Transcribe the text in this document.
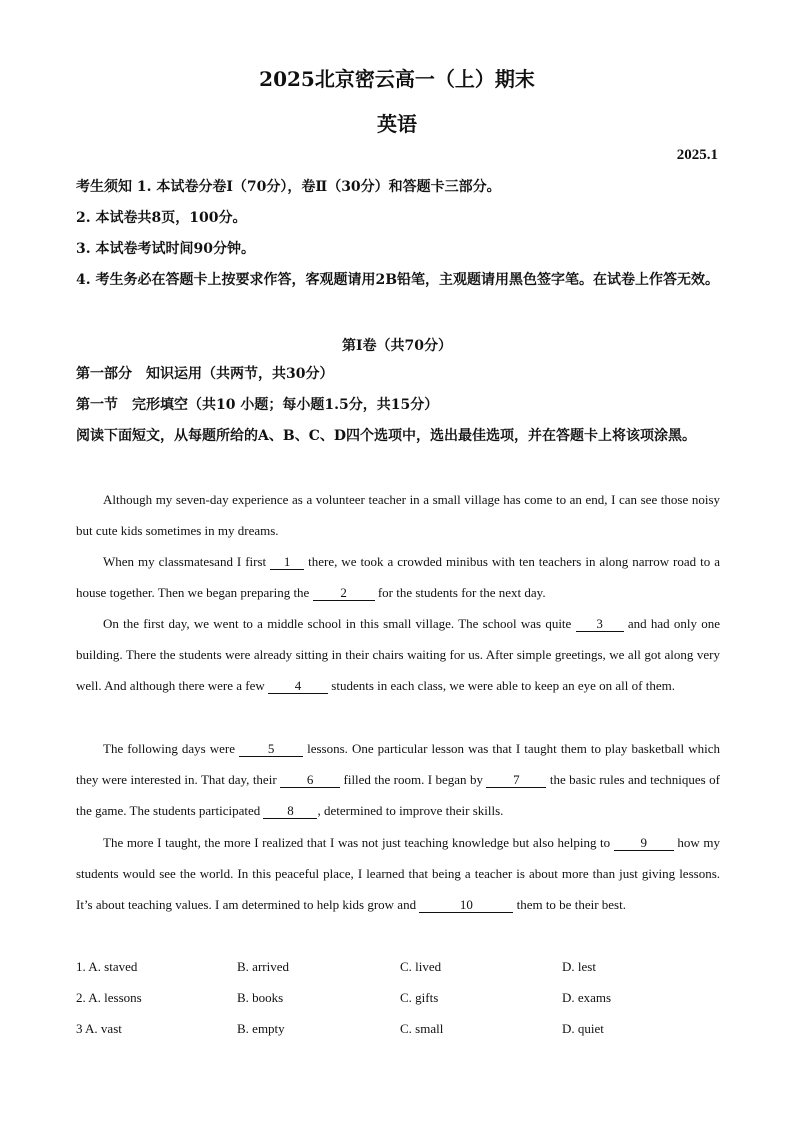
2025北京密云高一（上）期末
英语
2025.1
考生须知 1. 本试卷分卷Ⅰ（70分），卷Ⅱ（30分）和答题卡三部分。
2. 本试卷共8页，100分。
3. 本试卷考试时间90分钟。
4. 考生务必在答题卡上按要求作答，客观题请用2B铅笔，主观题请用黑色签字笔。在试卷上作答无效。
第Ⅰ卷（共70分）
第一部分　知识运用（共两节，共30分）
第一节　完形填空（共10 小题；每小题1.5分，共15分）
阅读下面短文，从每题所给的A、B、C、D四个选项中，选出最佳选项，并在答题卡上将该项涂黑。
Although my seven-day experience as a volunteer teacher in a small village has come to an end, I can see those noisy but cute kids sometimes in my dreams.
When my classmatesand I first 1 there, we took a crowded minibus with ten teachers in along narrow road to a house together. Then we began preparing the 2 for the students for the next day.
On the first day, we went to a middle school in this small village. The school was quite 3 and had only one building. There the students were already sitting in their chairs waiting for us. After simple greetings, we all got along very well. And although there were a few 4 students in each class, we were able to keep an eye on all of them.
The following days were 5 lessons. One particular lesson was that I taught them to play basketball which they were interested in. That day, their 6 filled the room. I began by 7 the basic rules and techniques of the game. The students participated 8 , determined to improve their skills.
The more I taught, the more I realized that I was not just teaching knowledge but also helping to 9 how my students would see the world. In this peaceful place, I learned that being a teacher is about more than just giving lessons. It’s about teaching values. I am determined to help kids grow and	10	them to be their best.
1. A. staved	B. arrived	C. lived	D. lest
2. A. lessons	B. books	C. gifts	D. exams
3 A. vast	B. empty	C. small	D. quiet
